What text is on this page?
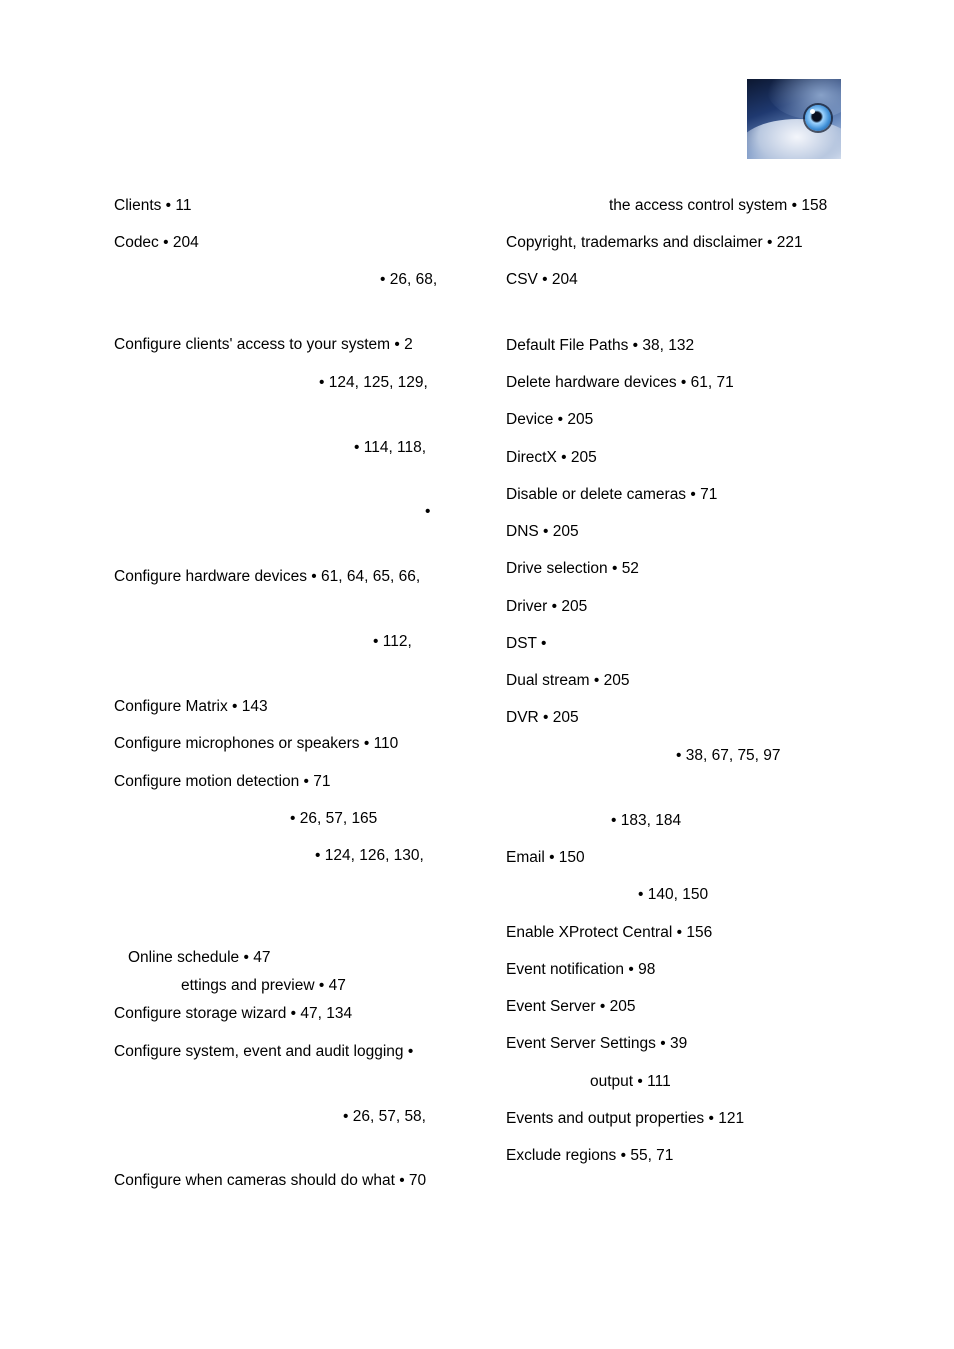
Clients • 11
Codec • 204
• 26, 68,
Configure clients' access to your system • 2
• 124, 125, 129,
• 114, 118,
•
Configure hardware devices • 61, 64, 65, 66,
• 112,
Configure Matrix • 143
Configure microphones or speakers • 110
Configure motion detection • 71
• 26, 57, 165
• 124, 126, 130,
Online schedule • 47
ettings and preview • 47
Configure storage wizard • 47, 134
Configure system, event and audit logging •
• 26, 57, 58,
Configure when cameras should do what • 70
the access control system • 158
Copyright, trademarks and disclaimer • 221
CSV • 204
Default File Paths • 38, 132
Delete hardware devices • 61, 71
Device • 205
DirectX • 205
Disable or delete cameras • 71
DNS • 205
Drive selection • 52
Driver • 205
DST •
Dual stream • 205
DVR • 205
• 38, 67, 75, 97
• 183, 184
Email • 150
• 140, 150
Enable XProtect Central • 156
Event notification • 98
Event Server • 205
Event Server Settings • 39
output • 111
Events and output properties • 121
Exclude regions • 55, 71
